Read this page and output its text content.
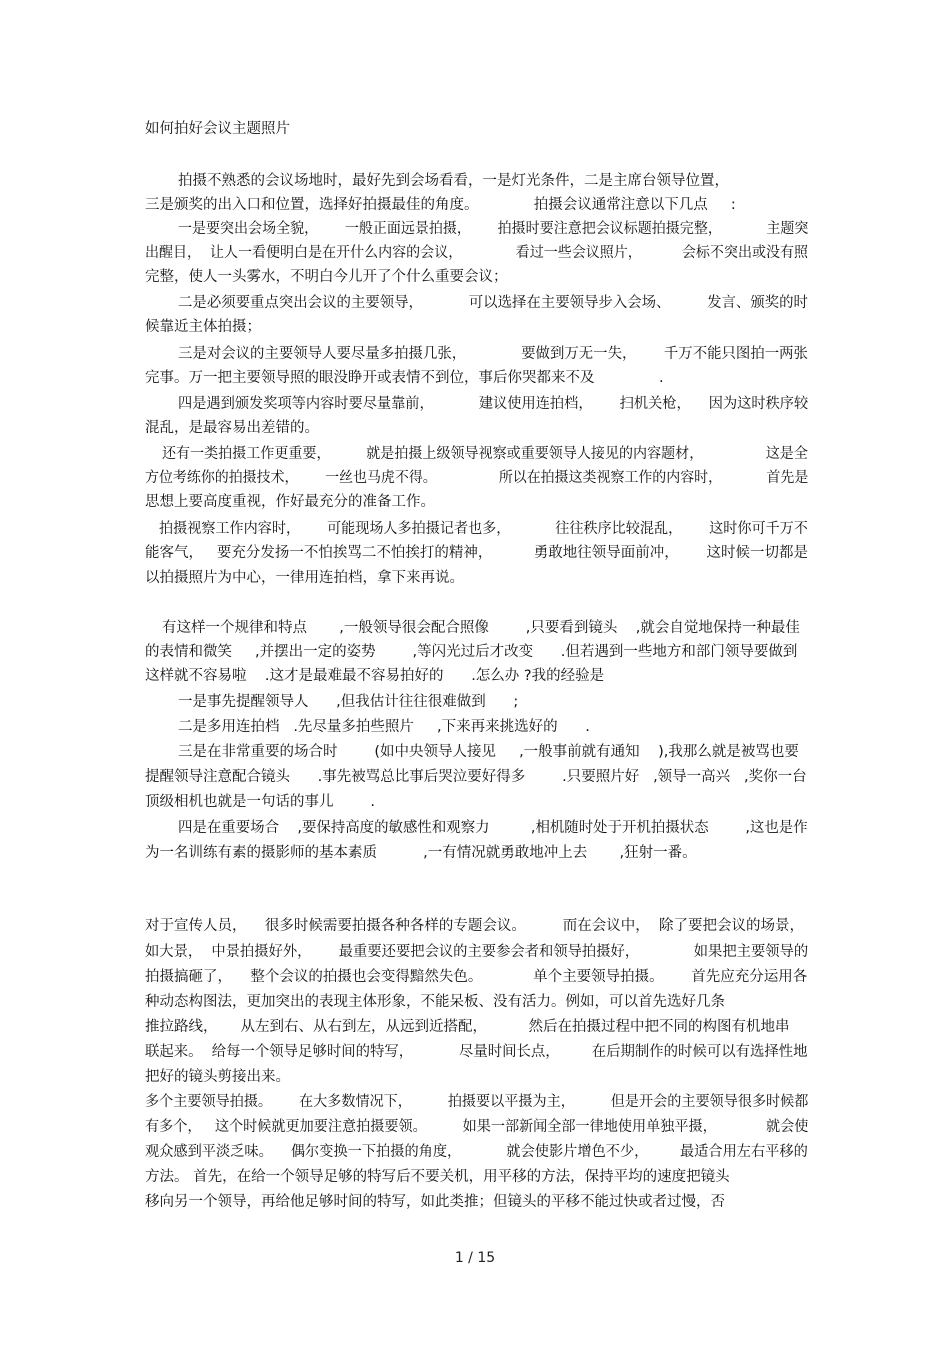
如何拍好会议主题照片
拍摄不熟悉的会议场地时，最好先到会场看看，一是灯光条件，二是主席台领导位置，
三是颁奖的出入口和位置，选择好拍摄最佳的角度。            拍摄会议通常注意以下几点     :
一是要突出会场全貌，      一般正面远景拍摄，      拍摄时要注意把会议标题拍摄完整，          主题突
出醒目，  让人一看便明白是在开什么内容的会议，            看过一些会议照片，         会标不突出或没有照
完整，使人一头雾水，不明白今儿开了个什么重要会议；
二是必须要重点突出会议的主要领导，          可以选择在主要领导步入会场、        发言、颁奖的时
候靠近主体拍摄；
三是对会议的主要领导人要尽量多拍摄几张，            要做到万无一失，      千万不能只图拍一两张
完事。万一把主要领导照的眼没睁开或表情不到位，事后你哭都来不及              .
四是遇到颁发奖项等内容时要尽量靠前，          建议使用连拍档，      扫机关枪，    因为这时秩序较
混乱，是最容易出差错的。
还有一类拍摄工作更重要，        就是拍摄上级领导视察或重要领导人接见的内容题材，              这是全
方位考练你的拍摄技术，      一丝也马虎不得。              所以在拍摄这类视察工作的内容时，          首先是
思想上要高度重视，作好最充分的准备工作。
拍摄视察工作内容时，      可能现场人多拍摄记者也多，          往往秩序比较混乱，      这时你可千万不
能客气，   要充分发扬一不怕挨骂二不怕挨打的精神，         勇敢地往领导面前冲，      这时候一切都是
以拍摄照片为中心，一律用连拍档，拿下来再说。
有这样一个规律和特点       ,一般领导很会配合照像        ,只要看到镜头    ,就会自觉地保持一种最佳
的表情和微笑     ,并摆出一定的姿势        ,等闪光过后才改变      .但若遇到一些地方和部门领导要做到
这样就不容易啦    .这才是最难最不容易拍好的      .怎么办 ?我的经验是
一是事先提醒领导人      ,但我估计往往很难做到      ;
二是多用连拍档   .先尽量多拍些照片     ,下来再来挑选好的      .
三是在非常重要的场合时        (如中央领导人接见     ,一般事前就有通知    ),我那么就是被骂也要
提醒领导注意配合镜头      .事先被骂总比事后哭泣要好得多        .只要照片好   ,领导一高兴   ,奖你一台
顶级相机也就是一句话的事儿        .
四是在重要场合    ,要保持高度的敏感性和观察力         ,相机随时处于开机拍摄状态        ,这也是作
为一名训练有素的摄影师的基本素质          ,一有情况就勇敢地冲上去       ,狂射一番。
对于宣传人员，    很多时候需要拍摄各种各样的专题会议。        而在会议中，  除了要把会议的场景，
如大景，  中景拍摄好外，      最重要还要把会议的主要参会者和领导拍摄好，            如果把主要领导的
拍摄搞砸了，    整个会议的拍摄也会变得黯然失色。           单个主要领导拍摄。      首先应充分运用各
种动态构图法，更加突出的表现主体形象，不能呆板、没有活力。例如，可以首先选好几条
推拉路线，     从左到右、从右到左，从远到近搭配，         然后在拍摄过程中把不同的构图有机地串
联起来。  给每一个领导足够时间的特写，          尽量时间长点，       在后期制作的时候可以有选择性地
把好的镜头剪接出来。
多个主要领导拍摄。      在大多数情况下，        拍摄要以平摄为主，        但是开会的主要领导很多时候都
有多个，   这个时候就更加要注意拍摄要领。        如果一部新闻全部一律地使用单独平摄，           就会使
观众感到平淡乏味。    偶尔变换一下拍摄的角度，          就会使影片增色不少，       最适合用左右平移的
方法。 首先，在给一个领导足够的特写后不要关机，用平移的方法，保持平均的速度把镜头
移向另一个领导，再给他足够时间的特写，如此类推；但镜头的平移不能过快或者过慢，否
1 / 15
